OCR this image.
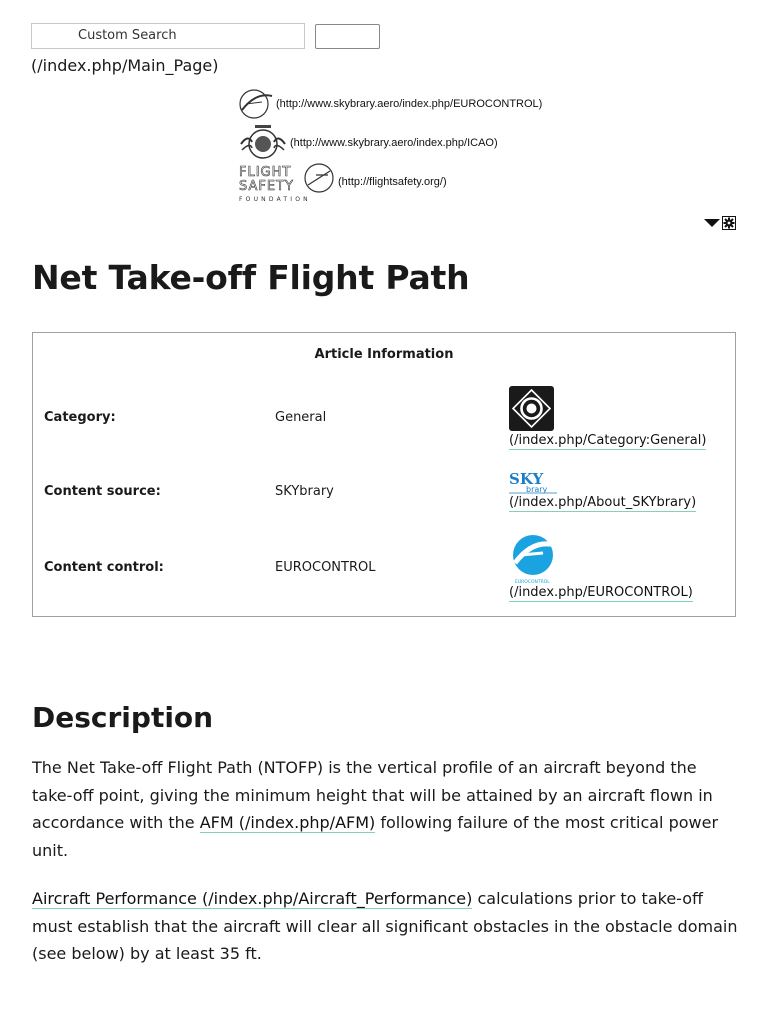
Custom Search
(/index.php/Main_Page)
(http://www.skybrary.aero/index.php/EUROCONTROL)
(http://www.skybrary.aero/index.php/ICAO)
FLIGHT
SAFETY
FOUNDATION
(http://flightsafety.org/)
Net Take-off Flight Path
Article Information
Category:	General
(/index.php/Category:General)
Content source:	SKYbrary
SKY
brary
(/index.php/About_SKYbrary)
Content control:	EUROCONTROL
EUROCONTROL
(/index.php/EUROCONTROL)
Description

The Net Take-off Flight Path (NTOFP) is the vertical profile of an aircraft beyond the take-off point, giving the minimum height that will be attained by an aircraft flown in accordance with the AFM (/index.php/AFM) following failure of the most critical power unit.

Aircraft Performance (/index.php/Aircraft_Performance) calculations prior to take-off must establish that the aircraft will clear all significant obstacles in the obstacle domain (see below) by at least 35 ft.
